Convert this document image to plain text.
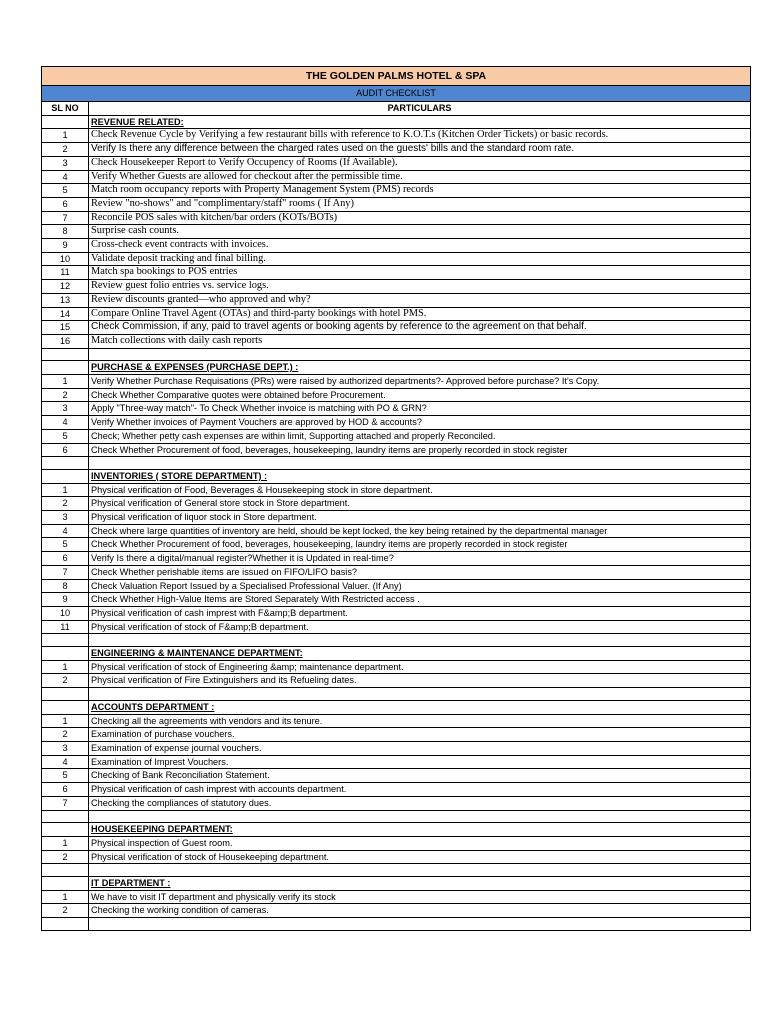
THE GOLDEN PALMS HOTEL & SPA	
AUDIT CHECKLIST	
SL NO	PARTICULARS
	REVENUE RELATED:
1	Check Revenue Cycle by Verifying a few restaurant bills with reference to K.O.T.s (Kitchen Order Tickets) or basic records.
2	Verify Is there any difference between the charged rates used on the guests' bills and the standard room rate.
3	Check Housekeeper Report to Verify Occupency of Rooms (If Available).
4	Verify Whether Guests are allowed for checkout after the permissible time.
5	Match room occupancy reports with Property Management System (PMS) records
6	Review "no-shows" and "complimentary/staff" rooms ( If Any)
7	Reconcile POS sales with kitchen/bar orders (KOTs/BOTs)
8	Surprise cash counts.
9	Cross-check event contracts with invoices.
10	Validate deposit tracking and final billing.
11	Match spa bookings to POS entries
12	Review guest folio entries vs. service logs.
13	Review discounts granted—who approved and why?
14	Compare Online Travel Agent (OTAs) and third-party bookings with hotel PMS.
15	Check Commission, if any, paid to travel agents or booking agents by reference to the agreement on that behalf.
16	Match collections with daily cash reports

	PURCHASE & EXPENSES (PURCHASE DEPT.) :
1	Verify Whether Purchase Requisations (PRs) were raised by authorized departments?- Approved before purchase? It's Copy.
2	Check Whether Comparative quotes were obtained before Procurement.
3	Apply "Three-way match"- To Check Whether invoice is matching with PO & GRN?
4	Verify Whether invoices of Payment Vouchers are approved by HOD & accounts?
5	Check; Whether petty cash expenses are within limit, Supporting attached and properly Reconciled.
6	Check Whether Procurement of food, beverages, housekeeping, laundry items are properly recorded in stock register

	INVENTORIES ( STORE DEPARTMENT) :
1	Physical verification of Food, Beverages & Housekeeping stock in store department.
2	Physical verification of General store stock in Store department.
3	Physical verification of liquor stock in Store department.
4	Check where large quantities of inventory are held, should be kept locked, the key being retained by the departmental manager
5	Check Whether Procurement of food, beverages, housekeeping, laundry items are properly recorded in stock register
6	Verify Is there a digital/manual register?Whether it is Updated in real-time?
7	Check Whether perishable items are issued on FIFO/LIFO basis?
8	Check Valuation Report Issued by a Specialised Professional Valuer. (If Any)
9	Check Whether High-Value Items are Stored Separately With Restricted access .
10	Physical verification of cash imprest with F&amp;B department.
11	Physical verification of stock of F&amp;B department.

	ENGINEERING & MAINTENANCE DEPARTMENT:
1	Physical verification of stock of Engineering &amp; maintenance department.
2	Physical verification of Fire Extinguishers and its Refueling dates.

	ACCOUNTS DEPARTMENT :
1	Checking all the agreements with vendors and its tenure.
2	Examination of purchase vouchers.
3	Examination of expense journal vouchers.
4	Examination of Imprest Vouchers.
5	Checking of Bank Reconciliation Statement.
6	Physical verification of cash imprest with accounts department.
7	Checking the compliances of statutory dues.

	HOUSEKEEPING DEPARTMENT:
1	Physical inspection of Guest room.
2	Physical verification of stock of Housekeeping department.

	IT DEPARTMENT :
1	We have to visit IT department and physically verify its stock
2	Checking the working condition of cameras.
